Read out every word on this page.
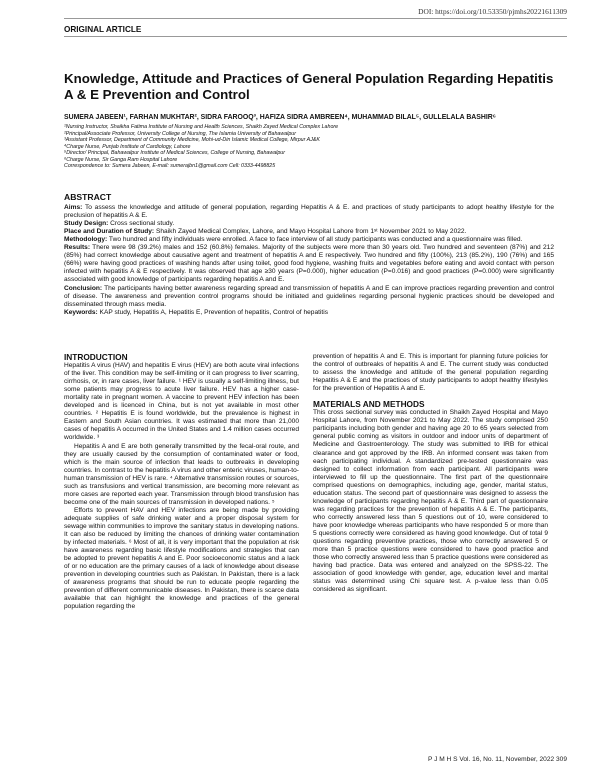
DOI: https://doi.org/10.53350/pjmhs20221611309
ORIGINAL ARTICLE
Knowledge, Attitude and Practices of General Population Regarding Hepatitis A & E Prevention and Control
SUMERA JABEEN¹, FARHAN MUKHTAR², SIDRA FAROOQ³, HAFIZA SIDRA AMBREEN⁴, MUHAMMAD BILAL⁵, GULLELALA BASHIR⁶
¹Nursing Instructor, Shaikha Fatima Institute of Nursing and Health Sciences, Shaikh Zayed Medical Complex Lahore
²Principal/Associate Professor, University College of Nursing, The Islamia University of Bahawalpur
³Assistant Professor, Department of Community Medicine, Mohi-ud-Din Islamic Medical College, Mirpur AJ&K
⁴Charge Nurse, Punjab Institute of Cardiology, Lahore
⁵Director/ Principal, Bahawalpur Institute of Medical Sciences, College of Nursing, Bahawalpur
⁶Charge Nurse, Sir Ganga Ram Hospital Lahore
Correspondence to: Sumera Jabeen, E-mail: sumerajbn1@gmail.com Cell: 0333-4498825
ABSTRACT

Aims: To assess the knowledge and attitude of general population, regarding Hepatitis A & E. and practices of study participants to adopt healthy lifestyle for the preclusion of hepatitis A & E.

Study Design: Cross sectional study.

Place and Duration of Study: Shaikh Zayed Medical Complex, Lahore, and Mayo Hospital Lahore from 1ˢᵗ November 2021 to May 2022.

Methodology: Two hundred and fifty individuals were enrolled. A face to face interview of all study participants was conducted and a questionnaire was filled.

Results: There were 98 (39.2%) males and 152 (60.8%) females. Majority of the subjects were more than 30 years old. Two hundred and seventeen (87%) and 212 (85%) had correct knowledge about causative agent and treatment of hepatitis A and E respectively. Two hundred and fifty (100%), 213 (85.2%), 190 (76%) and 165 (66%) were having good practices of washing hands after using toilet, good food hygiene, washing fruits and vegetables before eating and avoid contact with person infected with hepatitis A & E respectively. It was observed that age ≥30 years (P=0.000), higher education (P=0.016) and good practices (P=0.000) were significantly associated with good knowledge of participants regarding hepatitis A and E.

Conclusion: The participants having better awareness regarding spread and transmission of hepatitis A and E can improve practices regarding prevention and control of disease. The awareness and prevention control programs should be initiated and guidelines regarding personal hygienic practices should be developed and disseminated through mass media.

Keywords: KAP study, Hepatitis A, Hepatitis E, Prevention of hepatitis, Control of hepatitis

INTRODUCTION

Hepatitis A virus (HAV) and hepatitis E virus (HEV) are both acute viral infections of the liver. This condition may be self-limiting or it can progress to liver scarring, cirrhosis, or, in rare cases, liver failure. ¹ HEV is usually a self-limiting illness, but some patients may progress to acute liver failure. HEV has a higher case-mortality rate in pregnant women. A vaccine to prevent HEV infection has been developed and is licenced in China, but is not yet available in most other countries. ² Hepatitis E is found worldwide, but the prevalence is highest in Eastern and South Asian countries. It was estimated that more than 21,000 cases of hepatitis A occurred in the United States and 1.4 million cases occurred worldwide. ³

Hepatitis A and E are both generally transmitted by the fecal-oral route, and they are usually caused by the consumption of contaminated water or food, which is the main source of infection that leads to outbreaks in developing countries. In contrast to the hepatitis A virus and other enteric viruses, human-to-human transmission of HEV is rare. ⁴ Alternative transmission routes or sources, such as transfusions and vertical transmission, are becoming more relevant as more cases are reported each year. Transmission through blood transfusion has become one of the main sources of transmission in developed nations. ⁵

Efforts to prevent HAV and HEV infections are being made by providing adequate supplies of safe drinking water and a proper disposal system for sewage within communities to improve the sanitary status in developing nations. It can also be reduced by limiting the chances of drinking water contamination by infected materials. ⁶ Most of all, it is very important that the population at risk have awareness regarding basic lifestyle modifications and strategies that can be adopted to prevent hepatitis A and E. Poor socioeconomic status and a lack of or no education are the primary causes of a lack of knowledge about disease prevention in developing countries such as Pakistan. In Pakistan, there is a lack of awareness programs that should be run to educate people regarding the prevention of different communicable diseases. In Pakistan, there is scarce data available that can highlight the knowledge and practices of the general population regarding the

prevention of hepatitis A and E. This is important for planning future policies for the control of outbreaks of hepatitis A and E. The current study was conducted to assess the knowledge and attitude of the general population regarding Hepatitis A & E and the practices of study participants to adopt healthy lifestyles for the prevention of Hepatitis A and E.

MATERIALS AND METHODS

This cross sectional survey was conducted in Shaikh Zayed Hospital and Mayo Hospital Lahore, from November 2021 to May 2022. The study comprised 250 participants including both gender and having age 20 to 65 years selected from general public coming as visitors in outdoor and indoor units of department of Medicine and Gastroenterology. The study was submitted to IRB for ethical clearance and got approved by the IRB. An informed consent was taken from each participating individual. A standardized pre-tested questionnaire was designed to collect information from each participant. All participants were interviewed to fill up the questionnaire. The first part of the questionnaire comprised questions on demographics, including age, gender, marital status, education status. The second part of questionnaire was designed to assess the knowledge of participants regarding hepatitis A & E. Third part of questionnaire was regarding practices for the prevention of hepatitis A & E. The participants, who correctly answered less than 5 questions out of 10, were considered to have poor knowledge whereas participants who have responded 5 or more than 5 questions correctly were considered as having good knowledge. Out of total 9 questions regarding preventive practices, those who correctly answered 5 or more than 5 practice questions were considered to have good practice and those who correctly answered less than 5 practice questions were considered as having bad practice. Data was entered and analyzed on the SPSS-22. The association of good knowledge with gender, age, education level and marital status was determined using Chi square test. A p-value less than 0.05 considered as significant.

P J M H S Vol. 16, No. 11, November, 2022 309
